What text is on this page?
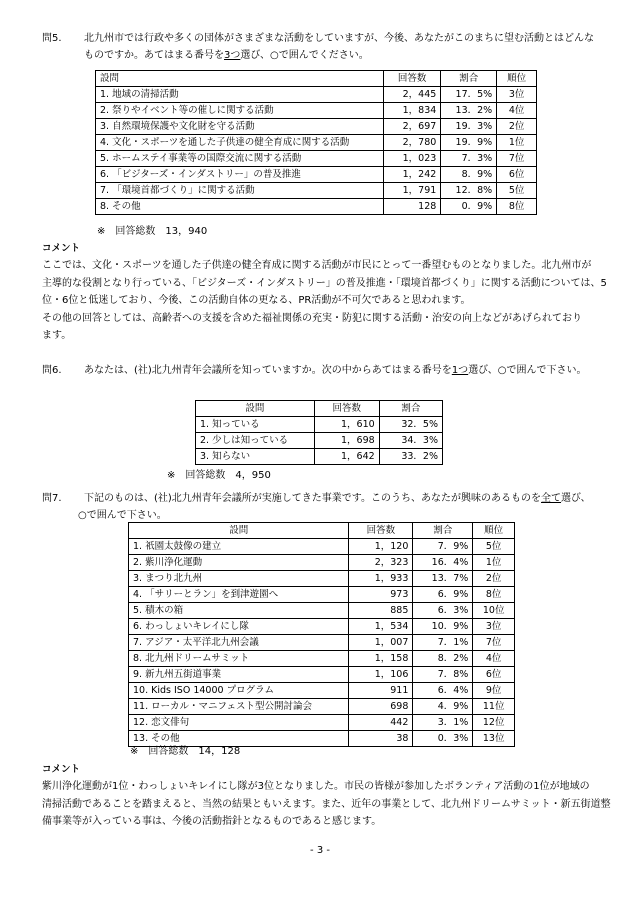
問5. 北九州市では行政や多くの団体がさまざまな活動をしていますが、今後、あなたがこのまちに望む活動とはどんな
ものですか。あてはまる番号を3つ選び、○で囲んでください。
設問	回答数	割合	順位
1. 地域の清掃活動	2，445	17．5%	3位
2. 祭りやイベント等の催しに関する活動	1，834	13．2%	4位
3. 自然環境保護や文化財を守る活動	2，697	19．3%	2位
4. 文化・スポーツを通した子供達の健全育成に関する活動	2，780	19．9%	1位
5. ホームステイ事業等の国際交流に関する活動	1，023	7．3%	7位
6. 「ビジターズ・インダストリー」の普及推進	1，242	8．9%	6位
7. 「環境首都づくり」に関する活動	1，791	12．8%	5位
8. その他	128	0．9%	8位
※　回答総数　13，940
コメント

ここでは、文化・スポーツを通した子供達の健全育成に関する活動が市民にとって一番望むものとなりました。北九州市が

主導的な役割となり行っている、「ビジターズ・インダストリー」の普及推進・「環境首都づくり」に関する活動については、5

位・6位と低迷しており、今後、この活動自体の更なる、PR活動が不可欠であると思われます。

その他の回答としては、高齢者への支援を含めた福祉関係の充実・防犯に関する活動・治安の向上などがあげられており

ます。

問6. あなたは、(社)北九州青年会議所を知っていますか。次の中からあてはまる番号を1つ選び、○で囲んで下さい。
設問	回答数	割合
1. 知っている	1，610	32．5%
2. 少しは知っている	1，698	34．3%
3. 知らない	1，642	33．2%
※　回答総数　4，950
問7. 下記のものは、(社)北九州青年会議所が実施してきた事業です。このうち、あなたが興味のあるものを全て選び、
○で囲んで下さい。
設問	回答数	割合	順位
1. 祇園太鼓像の建立	1，120	7．9%	5位
2. 紫川浄化運動	2，323	16．4%	1位
3. まつり北九州	1，933	13．7%	2位
4. 「サリーとラン」を到津遊園へ	973	6．9%	8位
5. 積木の箱	885	6．3%	10位
6. わっしょいキレイにし隊	1，534	10．9%	3位
7. アジア・太平洋北九州会議	1，007	7．1%	7位
8. 北九州ドリームサミット	1，158	8．2%	4位
9. 新九州五街道事業	1，106	7．8%	6位
10. Kids ISO 14000 プログラム	911	6．4%	9位
11. ローカル・マニフェスト型公開討論会	698	4．9%	11位
12. 恋文俳句	442	3．1%	12位
13. その他	38	0．3%	13位
※　回答総数　14，128
コメント

紫川浄化運動が1位・わっしょいキレイにし隊が3位となりました。市民の皆様が参加したボランティア活動の1位が地域の

清掃活動であることを踏まえると、当然の結果ともいえます。また、近年の事業として、北九州ドリームサミット・新五街道整

備事業等が入っている事は、今後の活動指針となるものであると感じます。

- 3 -
